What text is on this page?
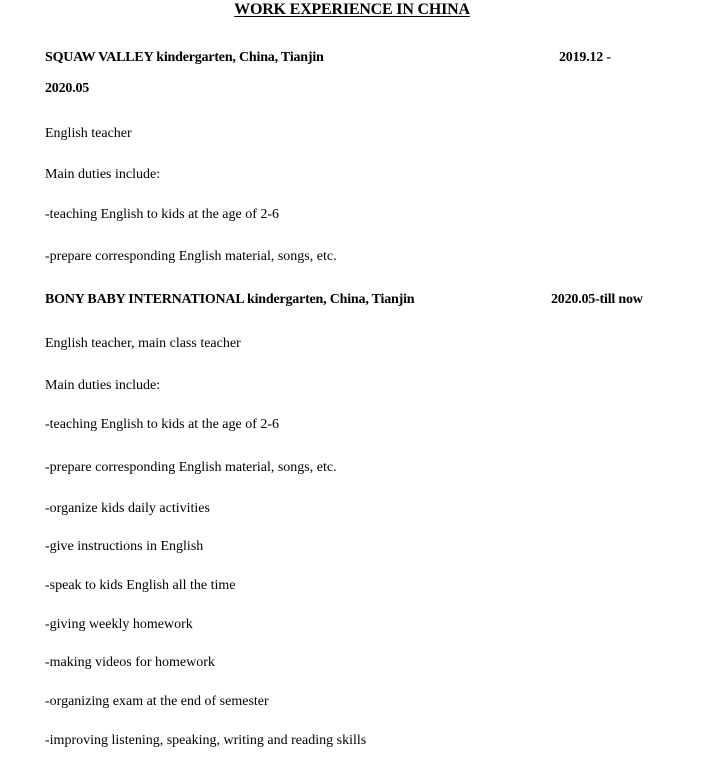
WORK EXPERIENCE IN CHINA
SQUAW VALLEY kindergarten, China, Tianjin	2019.12 -
2020.05
English teacher
Main duties include:
-teaching English to kids at the age of 2-6
-prepare corresponding English material, songs, etc.
BONY BABY INTERNATIONAL kindergarten, China, Tianjin	2020.05-till now
English teacher, main class teacher
Main duties include:
-teaching English to kids at the age of 2-6
-prepare corresponding English material, songs, etc.
-organize kids daily activities
-give instructions in English
-speak to kids English all the time
-giving weekly homework
-making videos for homework
-organizing exam at the end of semester
-improving listening, speaking, writing and reading skills
